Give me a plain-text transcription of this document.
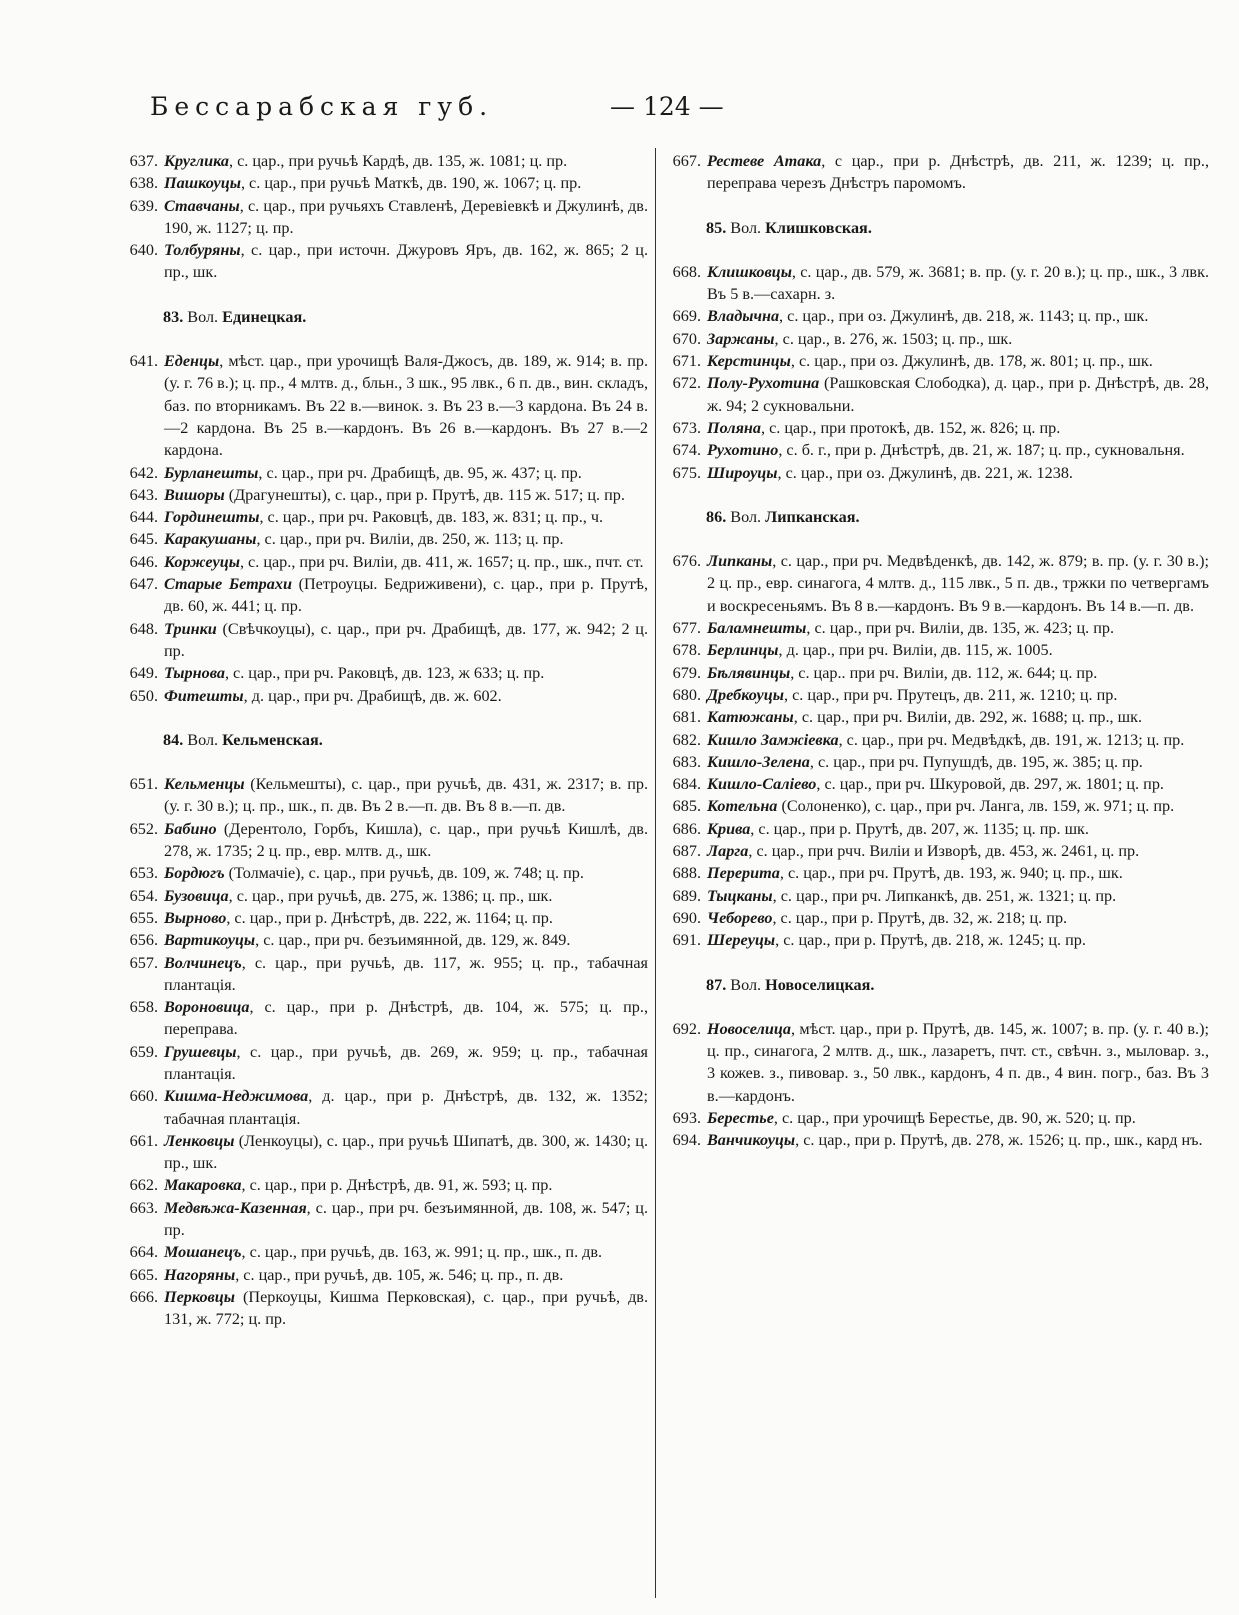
Бессарабская губ.	— 124 —
637. Круглика, с. цар., при ручьѣ Кардѣ, дв. 135, ж. 1081; ц. пр.
638. Пашкоуцы, с. цар., при ручьѣ Маткѣ, дв. 190, ж. 1067; ц. пр.
639. Ставчаны, с. цар., при ручьяхъ Ставленѣ, Деревіевкѣ и Джулинѣ, дв. 190, ж. 1127; ц. пр.
640. Толбуряны, с. цар., при источн. Джуровъ Яръ, дв. 162, ж. 865; 2 ц. пр., шк.
83. Вол. Единецкая.
641. Еденцы, мѣст. цар., при урочищѣ Валя-Джосъ, дв. 189, ж. 914; в. пр. (у. г. 76 в.); ц. пр., 4 млтв. д., бльн., 3 шк., 95 лвк., 6 п. дв., вин. складъ, баз. по вторникамъ. Въ 22 в.—винок. з. Въ 23 в.—3 кардона. Въ 24 в.—2 кардона. Въ 25 в.—кардонъ. Въ 26 в.—кардонъ. Въ 27 в.—2 кардона.
642. Бурланешты, с. цар., при рч. Драбищѣ, дв. 95, ж. 437; ц. пр.
643. Вишоры (Драгунешты), с. цар., при р. Прутѣ, дв. 115 ж. 517; ц. пр.
644. Гординешты, с. цар., при рч. Раковцѣ, дв. 183, ж. 831; ц. пр., ч.
645. Каракушаны, с. цар., при рч. Вилiи, дв. 250, ж. 113; ц. пр.
646. Коржеуцы, с. цар., при рч. Вилiи, дв. 411, ж. 1657; ц. пр., шк., пчт. ст.
647. Старые Бетрахи (Петроуцы. Бедриживени), с. цар., при р. Прутѣ, дв. 60, ж. 441; ц. пр.
648. Тринки (Свѣчкоуцы), с. цар., при рч. Драбищѣ, дв. 177, ж. 942; 2 ц. пр.
649. Тырнова, с. цар., при рч. Раковцѣ, дв. 123, ж 633; ц. пр.
650. Фитешты, д. цар., при рч. Драбищѣ, дв. ж. 602.
84. Вол. Кельменская.
651. Кельменцы (Кельмешты), с. цар., при ручьѣ, дв. 431, ж. 2317; в. пр. (у. г. 30 в.); ц. пр., шк., п. дв. Въ 2 в.—п. дв. Въ 8 в.—п. дв.
652. Бабино (Дерентоло, Горбъ, Кишла), с. цар., при ручьѣ Кишлѣ, дв. 278, ж. 1735; 2 ц. пр., евр. млтв. д., шк.
653. Бордюгъ (Толмачіе), с. цар., при ручьѣ, дв. 109, ж. 748; ц. пр.
654. Бузовица, с. цар., при ручьѣ, дв. 275, ж. 1386; ц. пр., шк.
655. Вырново, с. цар., при р. Днѣстрѣ, дв. 222, ж. 1164; ц. пр.
656. Вартикоуцы, с. цар., при рч. безъимянной, дв. 129, ж. 849.
657. Волчинецъ, с. цар., при ручьѣ, дв. 117, ж. 955; ц. пр., табачная плантація.
658. Вороновица, с. цар., при р. Днѣстрѣ, дв. 104, ж. 575; ц. пр., переправа.
659. Грушевцы, с. цар., при ручьѣ, дв. 269, ж. 959; ц. пр., табачная плантація.
660. Кишма-Неджимова, д. цар., при р. Днѣстрѣ, дв. 132, ж. 1352; табачная плантація.
661. Ленковцы (Ленкоуцы), с. цар., при ручьѣ Шипатѣ, дв. 300, ж. 1430; ц. пр., шк.
662. Макаровка, с. цар., при р. Днѣстрѣ, дв. 91, ж. 593; ц. пр.
663. Медвѣжа-Казенная, с. цар., при рч. безъимянной, дв. 108, ж. 547; ц. пр.
664. Мошанецъ, с. цар., при ручьѣ, дв. 163, ж. 991; ц. пр., шк., п. дв.
665. Нагоряны, с. цар., при ручьѣ, дв. 105, ж. 546; ц. пр., п. дв.
666. Перковцы (Перкоуцы, Кишма Перковская), с. цар., при ручьѣ, дв. 131, ж. 772; ц. пр.
667. Рестеве Атака, с цар., при р. Днѣстрѣ, дв. 211, ж. 1239; ц. пр., переправа черезъ Днѣстръ паромомъ.
85. Вол. Клишковская.
668. Клишковцы, с. цар., дв. 579, ж. 3681; в. пр. (у. г. 20 в.); ц. пр., шк., 3 лвк. Въ 5 в.—сахарн. з.
669. Владычна, с. цар., при оз. Джулинѣ, дв. 218, ж. 1143; ц. пр., шк.
670. Заржаны, с. цар., в. 276, ж. 1503; ц. пр., шк.
671. Керстинцы, с. цар., при оз. Джулинѣ, дв. 178, ж. 801; ц. пр., шк.
672. Полу-Рухотина (Рашковская Слободка), д. цар., при р. Днѣстрѣ, дв. 28, ж. 94; 2 сукновальни.
673. Поляна, с. цар., при протокѣ, дв. 152, ж. 826; ц. пр.
674. Рухотино, с. б. г., при р. Днѣстрѣ, дв. 21, ж. 187; ц. пр., сукновальня.
675. Широуцы, с. цар., при оз. Джулинѣ, дв. 221, ж. 1238.
86. Вол. Липканская.
676. Липканы, с. цар., при рч. Медвѣденкѣ, дв. 142, ж. 879; в. пр. (у. г. 30 в.); 2 ц. пр., евр. синагога, 4 млтв. д., 115 лвк., 5 п. дв., тржки по четвергамъ и воскресеньямъ. Въ 8 в.—кардонъ. Въ 9 в.—кардонъ. Въ 14 в.—п. дв.
677. Баламнешты, с. цар., при рч. Вилiи, дв. 135, ж. 423; ц. пр.
678. Берлинцы, д. цар., при рч. Вилiи, дв. 115, ж. 1005.
679. Бѣлявинцы, с. цар.. при рч. Вилiи, дв. 112, ж. 644; ц. пр.
680. Дребкоуцы, с. цар., при рч. Прутецъ, дв. 211, ж. 1210; ц. пр.
681. Катюжаны, с. цар., при рч. Вилiи, дв. 292, ж. 1688; ц. пр., шк.
682. Кишло Замжiевка, с. цар., при рч. Медвѣдкѣ, дв. 191, ж. 1213; ц. пр.
683. Кишло-Зелена, с. цар., при рч. Пупушдѣ, дв. 195, ж. 385; ц. пр.
684. Кишло-Салiево, с. цар., при рч. Шкуровой, дв. 297, ж. 1801; ц. пр.
685. Котельна (Солоненко), с. цар., при рч. Ланга, лв. 159, ж. 971; ц. пр.
686. Крива, с. цар., при р. Прутѣ, дв. 207, ж. 1135; ц. пр. шк.
687. Ларга, с. цар., при рчч. Вилiи и Изворѣ, дв. 453, ж. 2461, ц. пр.
688. Перерита, с. цар., при рч. Прутѣ, дв. 193, ж. 940; ц. пр., шк.
689. Тыцканы, с. цар., при рч. Липканкѣ, дв. 251, ж. 1321; ц. пр.
690. Чеборево, с. цар., при р. Прутѣ, дв. 32, ж. 218; ц. пр.
691. Шереуцы, с. цар., при р. Прутѣ, дв. 218, ж. 1245; ц. пр.
87. Вол. Новоселицкая.
692. Новоселица, мѣст. цар., при р. Прутѣ, дв. 145, ж. 1007; в. пр. (у. г. 40 в.); ц. пр., синагога, 2 млтв. д., шк., лазаретъ, пчт. ст., свѣчн. з., мыловар. з., 3 кожев. з., пивовар. з., 50 лвк., кардонъ, 4 п. дв., 4 вин. погр., баз. Въ 3 в.—кардонъ.
693. Берестье, с. цар., при урочищѣ Берестье, дв. 90, ж. 520; ц. пр.
694. Ванчикоуцы, с. цар., при р. Прутѣ, дв. 278, ж. 1526; ц. пр., шк., кард нъ.
